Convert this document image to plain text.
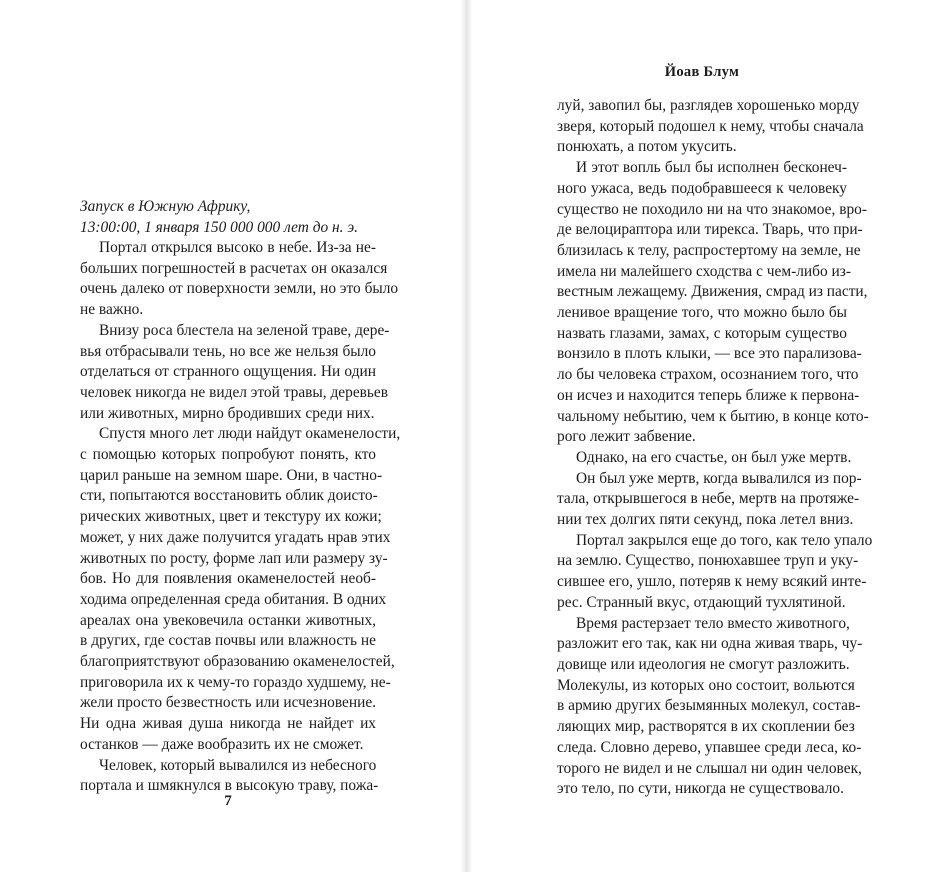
Запуск в Южную Африку,
13:00:00, 1 января 150 000 000 лет до н. э.
Портал открылся высоко в небе. Из-за не-
больших погрешностей в расчетах он оказался
очень далеко от поверхности земли, но это было
не важно.
Внизу роса блестела на зеленой траве, дере-
вья отбрасывали тень, но все же нельзя было
отделаться от странного ощущения. Ни один
человек никогда не видел этой травы, деревьев
или животных, мирно бродивших среди них.
Спустя много лет люди найдут окаменелости,
с помощью которых попробуют понять, кто
царил раньше на земном шаре. Они, в частно-
сти, попытаются восстановить облик доисто-
рических животных, цвет и текстуру их кожи;
может, у них даже получится угадать нрав этих
животных по росту, форме лап или размеру зу-
бов. Но для появления окаменелостей необ-
ходима определенная среда обитания. В одних
ареалах она увековечила останки животных,
в других, где состав почвы или влажность не
благоприятствуют образованию окаменелостей,
приговорила их к чему-то гораздо худшему, не-
жели просто безвестность или исчезновение.
Ни одна живая душа никогда не найдет их
останков — даже вообразить их не сможет.
Человек, который вывалился из небесного
портала и шмякнулся в высокую траву, пожа-
7
Йоав Блум
луй, завопил бы, разглядев хорошенько морду
зверя, который подошел к нему, чтобы сначала
понюхать, а потом укусить.
И этот вопль был бы исполнен бесконеч-
ного ужаса, ведь подобравшееся к человеку
существо не походило ни на что знакомое, вро-
де велоцираптора или тирекса. Тварь, что при-
близилась к телу, распростертому на земле, не
имела ни малейшего сходства с чем-либо из-
вестным лежащему. Движения, смрад из пасти,
ленивое вращение того, что можно было бы
назвать глазами, замах, с которым существо
вонзило в плоть клыки, — все это парализова-
ло бы человека страхом, осознанием того, что
он исчез и находится теперь ближе к первона-
чальному небытию, чем к бытию, в конце кото-
рого лежит забвение.
Однако, на его счастье, он был уже мертв.
Он был уже мертв, когда вывалился из пор-
тала, открывшегося в небе, мертв на протяже-
нии тех долгих пяти секунд, пока летел вниз.
Портал закрылся еще до того, как тело упало
на землю. Существо, понюхавшее труп и уку-
сившее его, ушло, потеряв к нему всякий инте-
рес. Странный вкус, отдающий тухлятиной.
Время растерзает тело вместо животного,
разложит его так, как ни одна живая тварь, чу-
довище или идеология не смогут разложить.
Молекулы, из которых оно состоит, вольются
в армию других безымянных молекул, состав-
ляющих мир, растворятся в их скоплении без
следа. Словно дерево, упавшее среди леса, ко-
торого не видел и не слышал ни один человек,
это тело, по сути, никогда не существовало.
